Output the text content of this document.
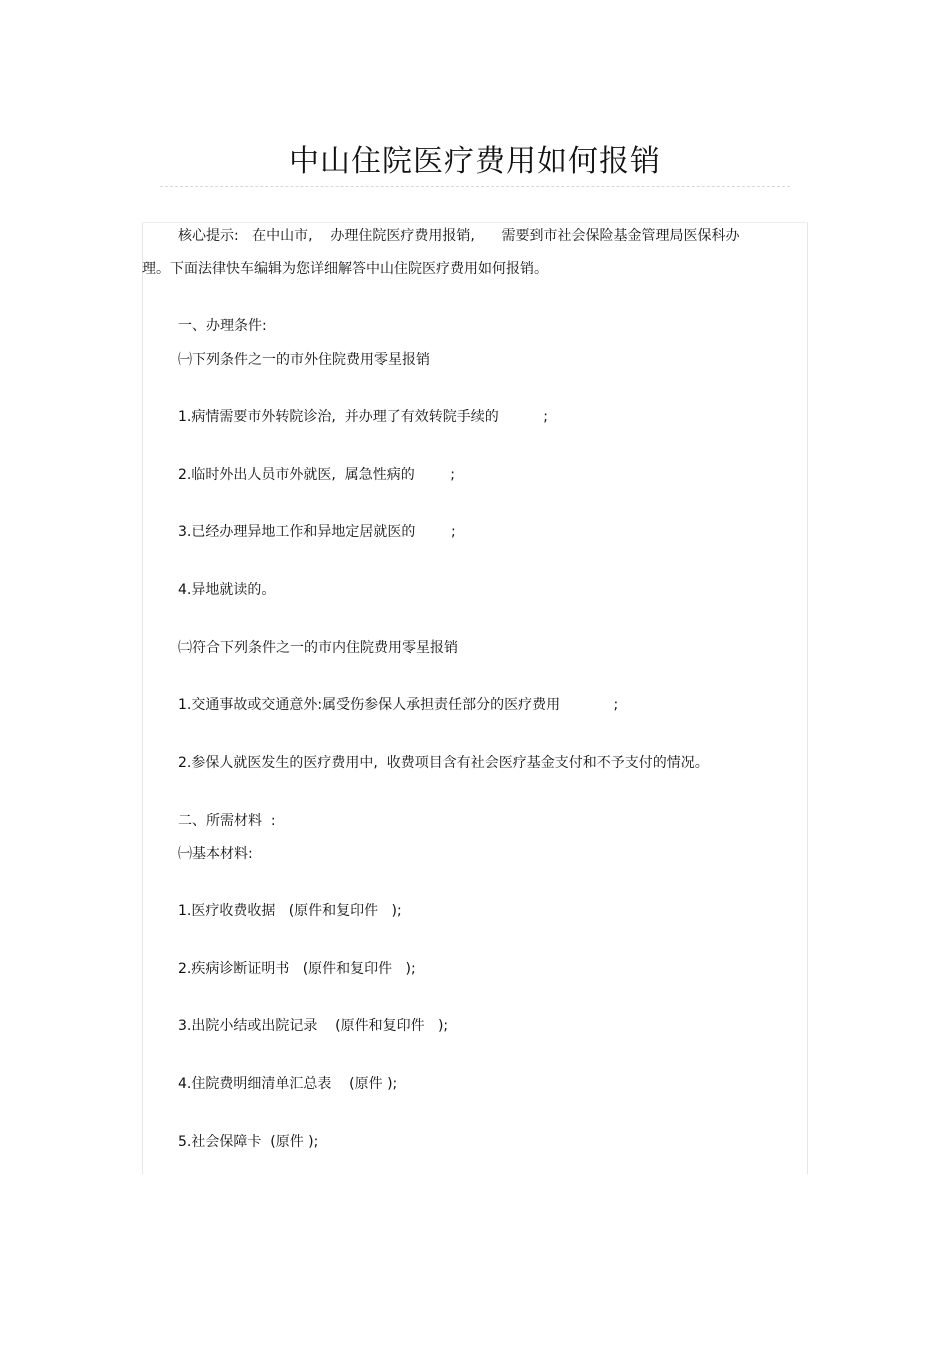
中山住院医疗费用如何报销

核心提示:   在中山市,    办理住院医疗费用报销,      需要到市社会保险基金管理局医保科办

理。下面法律快车编辑为您详细解答中山住院医疗费用如何报销。

一、办理条件:

㈠下列条件之一的市外住院费用零星报销

1.病情需要市外转院诊治,  并办理了有效转院手续的          ;

2.临时外出人员市外就医,  属急性病的        ;

3.已经办理异地工作和异地定居就医的        ;

4.异地就读的。

㈡符合下列条件之一的市内住院费用零星报销

1.交通事故或交通意外:属受伤参保人承担责任部分的医疗费用            ;

2.参保人就医发生的医疗费用中,  收费项目含有社会医疗基金支付和不予支付的情况。

二、所需材料  :

㈠基本材料:

1.医疗收费收据   (原件和复印件   );

2.疾病诊断证明书   (原件和复印件   );

3.出院小结或出院记录    (原件和复印件   );

4.住院费明细清单汇总表    (原件 );

5.社会保障卡  (原件 );
